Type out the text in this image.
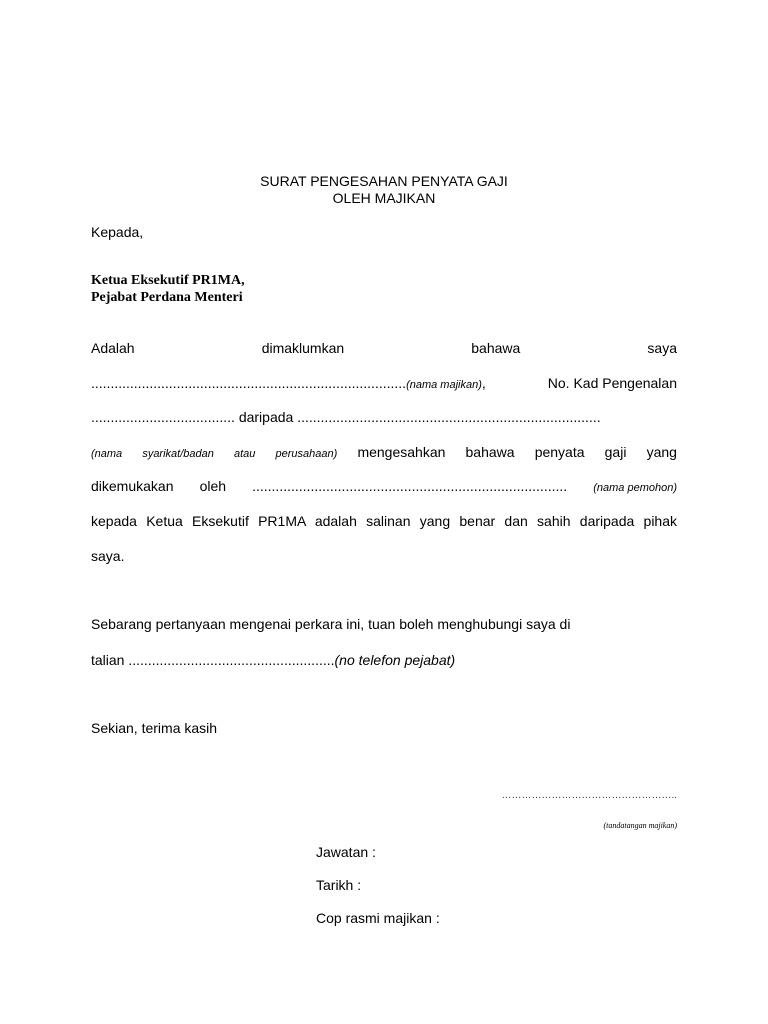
SURAT PENGESAHAN PENYATA GAJI
OLEH MAJIKAN
Kepada,
Ketua Eksekutif PR1MA,
Pejabat Perdana Menteri
Adalah	dimaklumkan	bahawa	saya
.................................................................................(nama majikan),	No. Kad Pengenalan
..................................... daripada ..............................................................................
(nama syarikat/badan atau perusahaan) mengesahkan bahawa penyata gaji yang
dikemukakan oleh ................................................................................. (nama pemohon)
kepada Ketua Eksekutif PR1MA adalah salinan yang benar dan sahih daripada pihak
saya.
Sebarang pertanyaan mengenai perkara ini, tuan boleh menghubungi saya di
talian .....................................................(no telefon pejabat)
Sekian, terima kasih
……………………………………………..
(tandatangan majikan)
Jawatan :
Tarikh :
Cop rasmi majikan :
